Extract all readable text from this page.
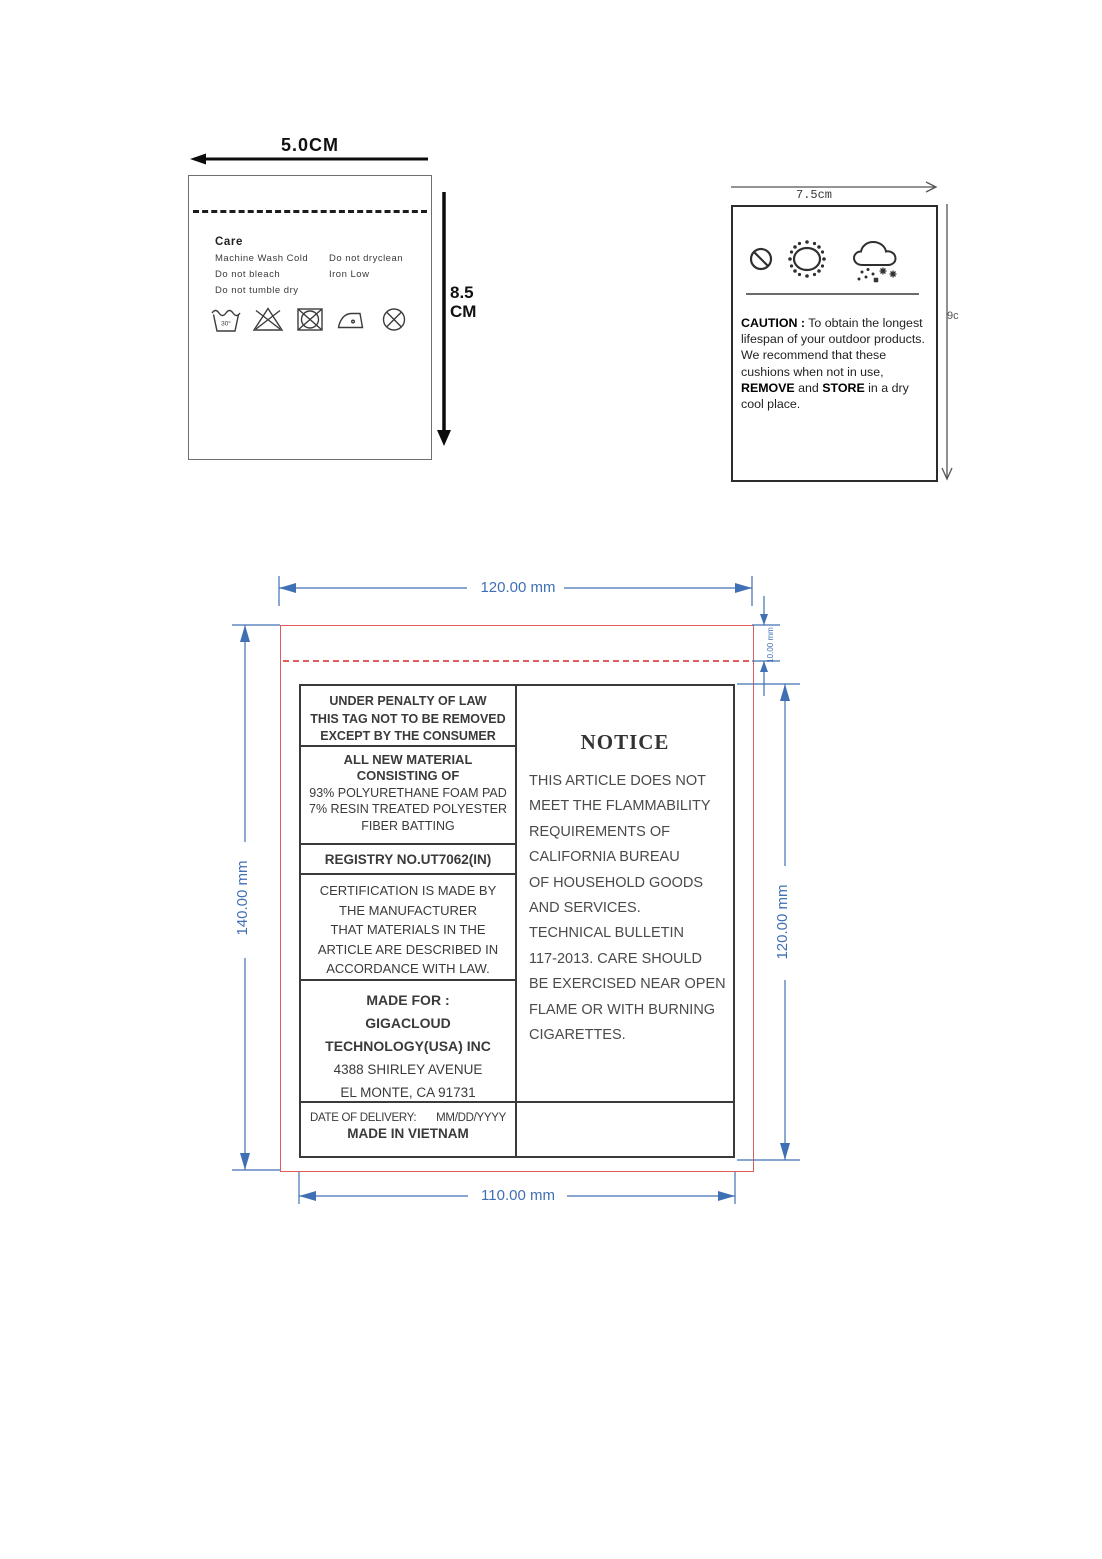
5.0CM
Care
Machine Wash Cold
Do not bleach
Do not tumble dry
Do not dryclean
Iron Low
30°
8.5
CM
7.5cm
CAUTION : To obtain the longest lifespan of your outdoor products. We recommend that these cushions when not in use, REMOVE and STORE in a dry cool place.
9c
120.00 mm
10.00 mm
140.00 mm	120.00 mm
110.00 mm
UNDER PENALTY OF LAW
THIS TAG NOT TO BE REMOVED
EXCEPT BY THE CONSUMER
ALL NEW MATERIAL
CONSISTING OF
93% POLYURETHANE FOAM PAD
7% RESIN TREATED POLYESTER
FIBER BATTING
REGISTRY NO.UT7062(IN)
CERTIFICATION IS MADE BY
THE MANUFACTURER
THAT MATERIALS IN THE
ARTICLE ARE DESCRIBED IN
ACCORDANCE WITH LAW.
MADE FOR :
GIGACLOUD
TECHNOLOGY(USA) INC
4388 SHIRLEY AVENUE
EL MONTE, CA 91731
NOTICE
THIS ARTICLE DOES NOT
MEET THE FLAMMABILITY
REQUIREMENTS OF
CALIFORNIA BUREAU
OF HOUSEHOLD GOODS
AND SERVICES.
TECHNICAL BULLETIN
117-2013. CARE SHOULD
BE EXERCISED NEAR OPEN
FLAME OR WITH BURNING
CIGARETTES.
DATE OF DELIVERY: MM/DD/YYYY
MADE IN VIETNAM
